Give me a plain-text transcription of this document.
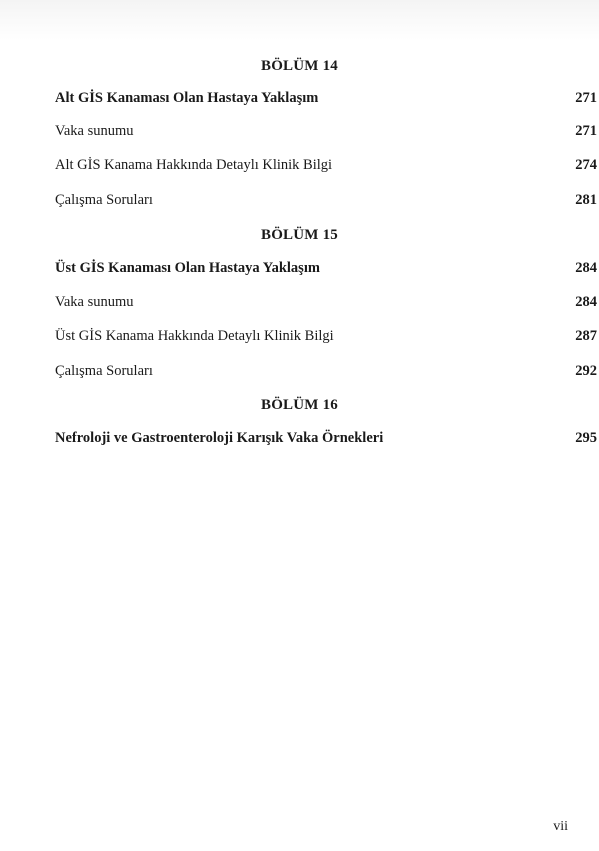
BÖLÜM 14
Alt GİS Kanaması Olan Hastaya Yaklaşım	271
Vaka sunumu	271
Alt GİS Kanama Hakkında Detaylı Klinik Bilgi	274
Çalışma Soruları	281
BÖLÜM 15
Üst GİS Kanaması Olan Hastaya Yaklaşım	284
Vaka sunumu	284
Üst GİS Kanama Hakkında Detaylı Klinik Bilgi	287
Çalışma Soruları	292
BÖLÜM 16
Nefroloji ve Gastroenteroloji Karışık Vaka Örnekleri	295
vii
